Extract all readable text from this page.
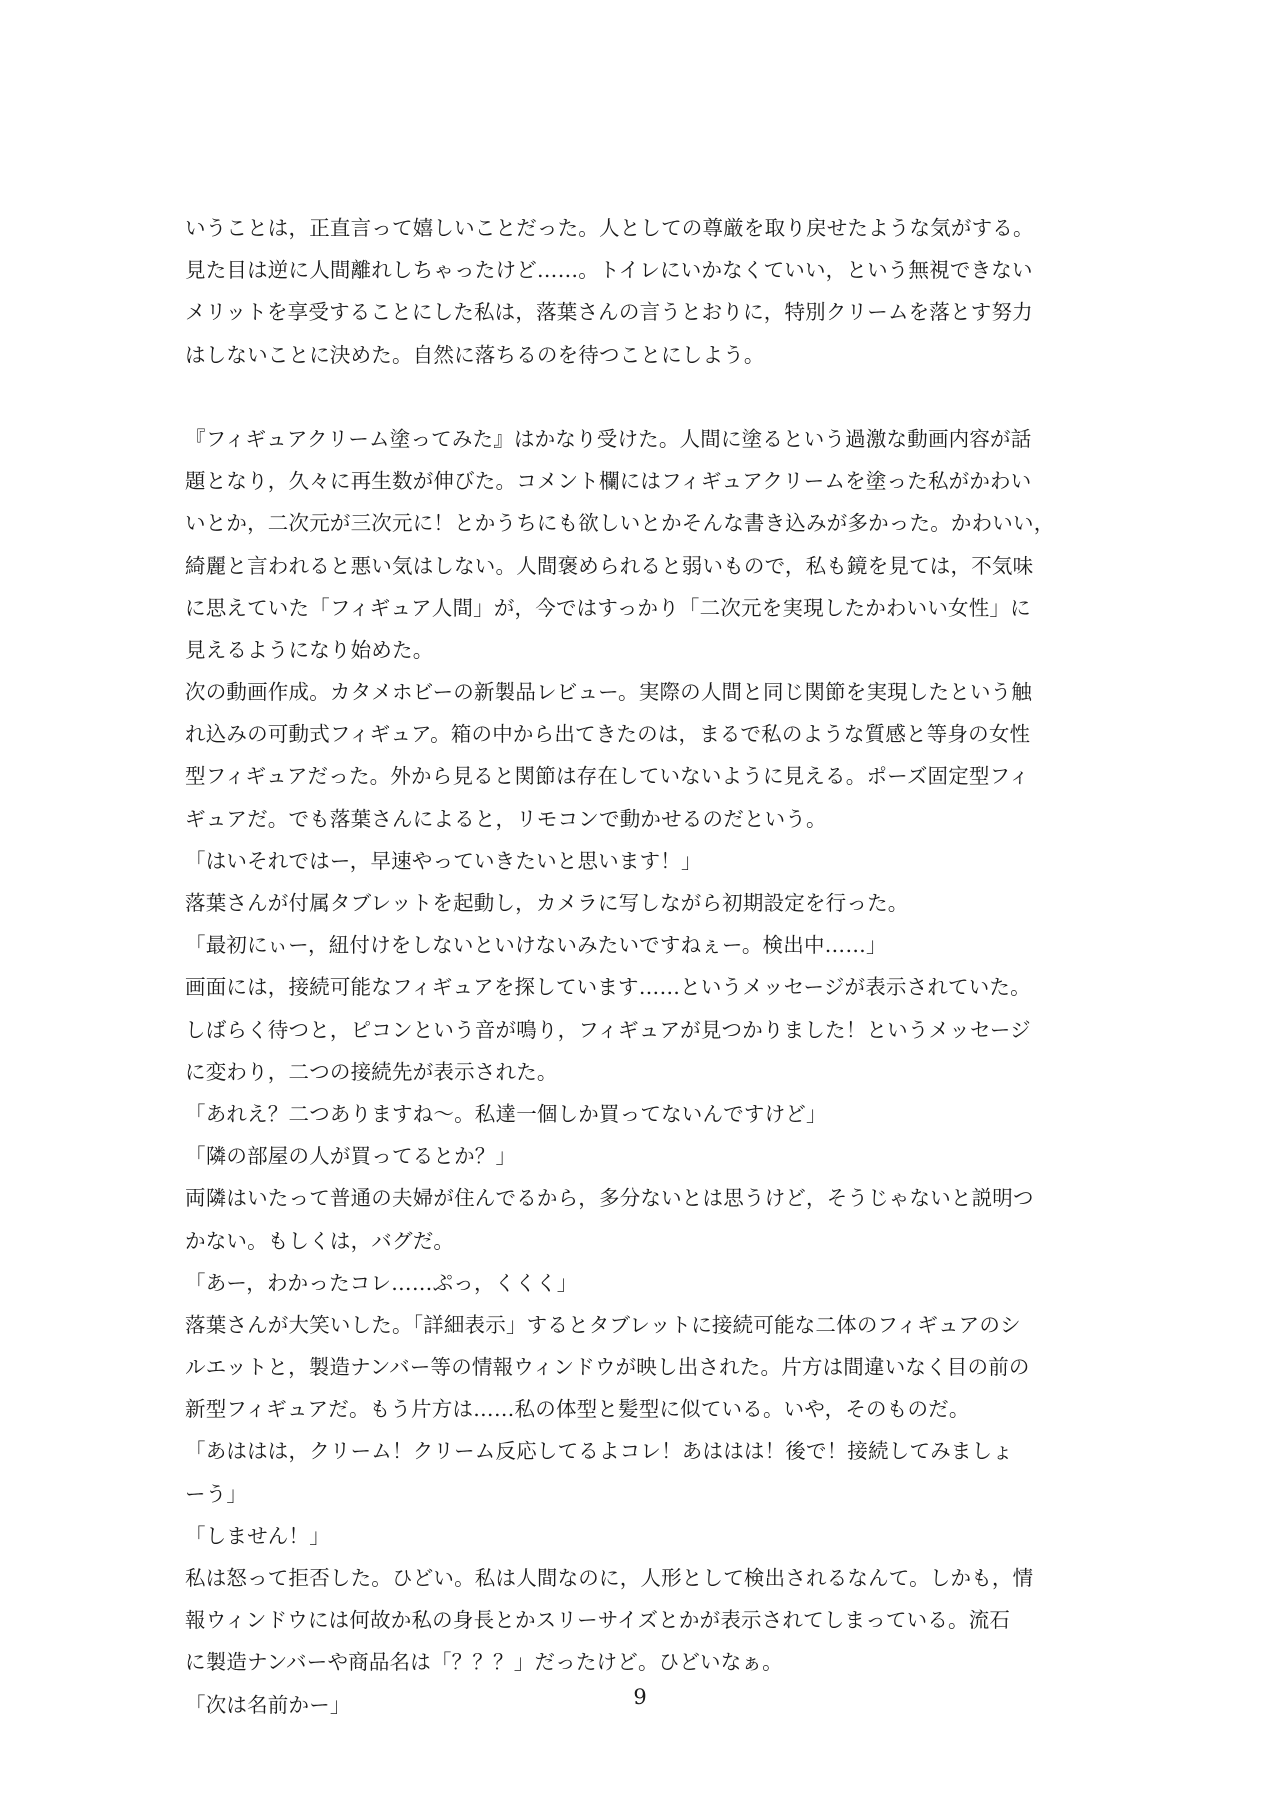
いうことは，正直言って嬉しいことだった。人としての尊厳を取り戻せたような気がする。
見た目は逆に人間離れしちゃったけど……。トイレにいかなくていい，という無視できない
メリットを享受することにした私は，落葉さんの言うとおりに，特別クリームを落とす努力
はしないことに決めた。自然に落ちるのを待つことにしよう。
『フィギュアクリーム塗ってみた』はかなり受けた。人間に塗るという過激な動画内容が話
題となり，久々に再生数が伸びた。コメント欄にはフィギュアクリームを塗った私がかわい
いとか，二次元が三次元に！とかうちにも欲しいとかそんな書き込みが多かった。かわいい，
綺麗と言われると悪い気はしない。人間褒められると弱いもので，私も鏡を見ては，不気味
に思えていた「フィギュア人間」が，今ではすっかり「二次元を実現したかわいい女性」に
見えるようになり始めた。
次の動画作成。カタメホビーの新製品レビュー。実際の人間と同じ関節を実現したという触
れ込みの可動式フィギュア。箱の中から出てきたのは，まるで私のような質感と等身の女性
型フィギュアだった。外から見ると関節は存在していないように見える。ポーズ固定型フィ
ギュアだ。でも落葉さんによると，リモコンで動かせるのだという。
「はいそれではー，早速やっていきたいと思います！」
落葉さんが付属タブレットを起動し，カメラに写しながら初期設定を行った。
「最初にぃー，紐付けをしないといけないみたいですねぇー。検出中……」
画面には，接続可能なフィギュアを探しています……というメッセージが表示されていた。
しばらく待つと，ピコンという音が鳴り，フィギュアが見つかりました！というメッセージ
に変わり，二つの接続先が表示された。
「あれえ？二つありますね〜。私達一個しか買ってないんですけど」
「隣の部屋の人が買ってるとか？」
両隣はいたって普通の夫婦が住んでるから，多分ないとは思うけど，そうじゃないと説明つ
かない。もしくは，バグだ。
「あー，わかったコレ……ぷっ，くくく」
落葉さんが大笑いした。「詳細表示」するとタブレットに接続可能な二体のフィギュアのシ
ルエットと，製造ナンバー等の情報ウィンドウが映し出された。片方は間違いなく目の前の
新型フィギュアだ。もう片方は……私の体型と髪型に似ている。いや，そのものだ。
「あははは，クリーム！クリーム反応してるよコレ！あははは！後で！接続してみましょ
ーう」
「しません！」
私は怒って拒否した。ひどい。私は人間なのに，人形として検出されるなんて。しかも，情
報ウィンドウには何故か私の身長とかスリーサイズとかが表示されてしまっている。流石
に製造ナンバーや商品名は「？？？」だったけど。ひどいなぁ。
「次は名前かー」	9
